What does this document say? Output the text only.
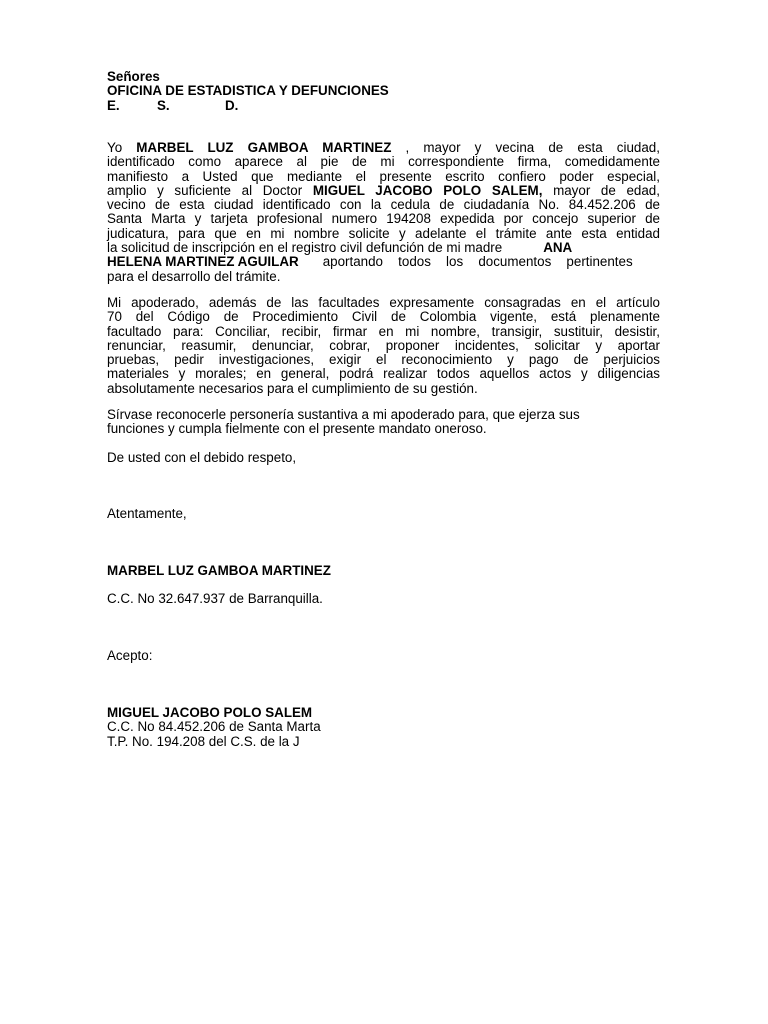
Señores
OFICINA DE ESTADISTICA Y DEFUNCIONES
E.	S.	D.
Yo MARBEL LUZ GAMBOA MARTINEZ , mayor y vecina de esta ciudad,
identificado como aparece al pie de mi correspondiente firma, comedidamente
manifiesto a Usted que mediante el presente escrito confiero poder especial,
amplio y suficiente al Doctor MIGUEL JACOBO POLO SALEM, mayor de edad,
vecino de esta ciudad identificado con la cedula de ciudadanía No. 84.452.206 de
Santa Marta y tarjeta profesional numero 194208 expedida por concejo superior de
judicatura, para que en mi nombre solicite y adelante el trámite ante esta entidad
la solicitud de inscripción en el registro civil defunción de mi madre	ANA
HELENA MARTINEZ AGUILAR aportando todos los documentos pertinentes
para el desarrollo del trámite.
Mi apoderado, además de las facultades expresamente consagradas en el artículo
70 del Código de Procedimiento Civil de Colombia vigente, está plenamente
facultado para: Conciliar, recibir, firmar en mi nombre, transigir, sustituir, desistir,
renunciar, reasumir, denunciar, cobrar, proponer incidentes, solicitar y aportar
pruebas, pedir investigaciones, exigir el reconocimiento y pago de perjuicios
materiales y morales; en general, podrá realizar todos aquellos actos y diligencias
absolutamente necesarios para el cumplimiento de su gestión.
Sírvase reconocerle personería sustantiva a mi apoderado para, que ejerza sus
funciones y cumpla fielmente con el presente mandato oneroso.
De usted con el debido respeto,
Atentamente,
MARBEL LUZ GAMBOA MARTINEZ
C.C. No 32.647.937 de Barranquilla.
Acepto:
MIGUEL JACOBO POLO SALEM
C.C. No 84.452.206 de Santa Marta
T.P. No. 194.208 del C.S. de la J
